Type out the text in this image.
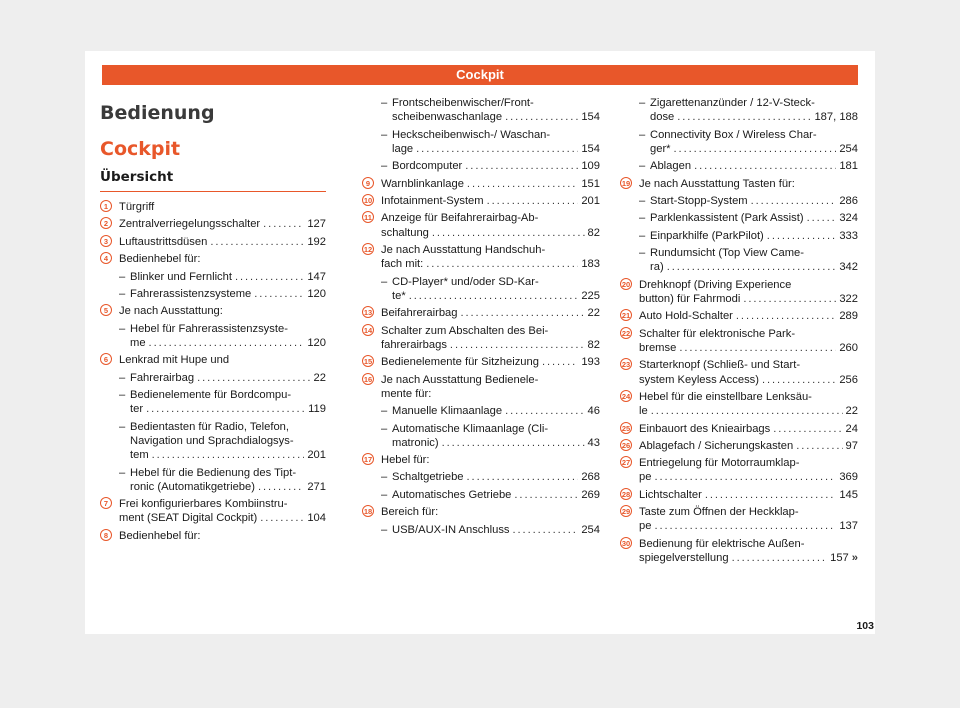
Cockpit
Bedienung
Cockpit
Übersicht
1 Türgriff
2 Zentralverriegelungsschalter . . .	127
3 Luftaustrittsdüsen . . .	192
4 Bedienhebel für:
– Blinker und Fernlicht . . .	147
– Fahrerassistenzsysteme . . .	120
5 Je nach Ausstattung:
– Hebel für Fahrerassistenzsyste-
me . . .	120
6 Lenkrad mit Hupe und
– Fahrerairbag . . .	22
– Bedienelemente für Bordcompu-
ter . . .	119
– Bedientasten für Radio, Telefon,
Navigation und Sprachdialogsys-
tem . . .	201
– Hebel für die Bedienung des Tipt-
ronic (Automatikgetriebe) . . .	271
7 Frei konfigurierbares Kombiinstru-
ment (SEAT Digital Cockpit) . . .	104
8 Bedienhebel für:
– Frontscheibenwischer/Front-
scheibenwaschanlage . . .	154
– Heckscheibenwisch-/ Waschan-
lage . . .	154
– Bordcomputer . . .	109
9 Warnblinkanlage . . .	151
10 Infotainment-System . . .	201
11 Anzeige für Beifahrerairbag-Ab-
schaltung . . .	82
12 Je nach Ausstattung Handschuh-
fach mit: . . .	183
– CD-Player* und/oder SD-Kar-
te* . . .	225
13 Beifahrerairbag . . .	22
14 Schalter zum Abschalten des Bei-
fahrerairbags . . .	82
15 Bedienelemente für Sitzheizung . . .	193
16 Je nach Ausstattung Bedienele-
mente für:
– Manuelle Klimaanlage . . .	46
– Automatische Klimaanlage (Cli-
matronic) . . .	43
17 Hebel für:
– Schaltgetriebe . . .	268
– Automatisches Getriebe . . .	269
18 Bereich für:
– USB/AUX-IN Anschluss . . .	254
– Zigarettenanzünder / 12-V-Steck-
dose . . .	187, 188
– Connectivity Box / Wireless Char-
ger* . . .	254
– Ablagen . . .	181
19 Je nach Ausstattung Tasten für:
– Start-Stopp-System . . .	286
– Parklenkassistent (Park Assist) . . .	324
– Einparkhilfe (ParkPilot) . . .	333
– Rundumsicht (Top View Came-
ra) . . .	342
20 Drehknopf (Driving Experience
button) für Fahrmodi . . .	322
21 Auto Hold-Schalter . . .	289
22 Schalter für elektronische Park-
bremse . . .	260
23 Starterknopf (Schließ- und Start-
system Keyless Access) . . .	256
24 Hebel für die einstellbare Lenksäu-
le . . .	22
25 Einbauort des Knieairbags . . .	24
26 Ablagefach / Sicherungskasten . . .	97
27 Entriegelung für Motorraumklap-
pe . . .	369
28 Lichtschalter . . .	145
29 Taste zum Öffnen der Heckklap-
pe . . .	137
30 Bedienung für elektrische Außen-
spiegelverstellung . . .	157 »
103
